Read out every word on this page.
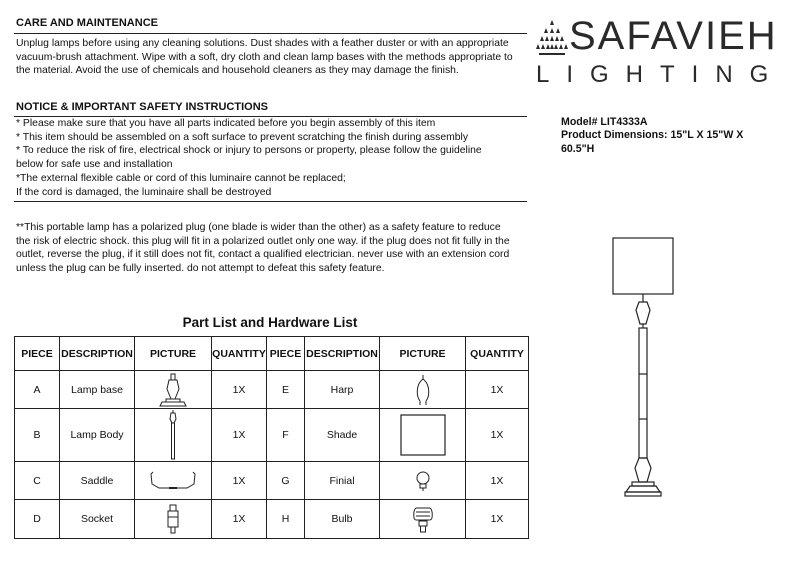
CARE AND MAINTENANCE
Unplug lamps before using any cleaning solutions. Dust shades with a feather duster or with an appropriate
vacuum-brush attachment. Wipe with a soft, dry cloth and clean lamp bases with the methods appropriate to
the material. Avoid the use of chemicals and household cleaners as they may damage the finish.
NOTICE & IMPORTANT SAFETY INSTRUCTIONS
* Please make sure that you have all parts indicated before you begin assembly of this item
* This item should be assembled on a soft surface to prevent scratching the finish during assembly
* To reduce the risk of fire, electrical shock or injury to persons or property, please follow the guideline
below for safe use and installation
*The external flexible cable or cord of this luminaire cannot be replaced;
If the cord is damaged, the luminaire shall be destroyed
**This portable lamp has a polarized plug (one blade is wider than the other) as a safety feature to reduce
the risk of electric shock. this plug will fit in a polarized outlet only one way. if the plug does not fit fully in the
outlet, reverse the plug, if it still does not fit, contact a qualified electrician. never use with an extension cord
unless the plug can be fully inserted. do not attempt to defeat this safety feature.
SAFAVIEH
LIGHTING
Model# LIT4333A
Product Dimensions: 15"L X 15"W X
60.5"H
Part List and Hardware List
PIECE	DESCRIPTION	PICTURE	QUANTITY	PIECE	DESCRIPTION	PICTURE	QUANTITY
A	Lamp base		1X	E	Harp		1X
B	Lamp Body		1X	F	Shade		1X
C	Saddle		1X	G	Finial		1X
D	Socket		1X	H	Bulb		1X
